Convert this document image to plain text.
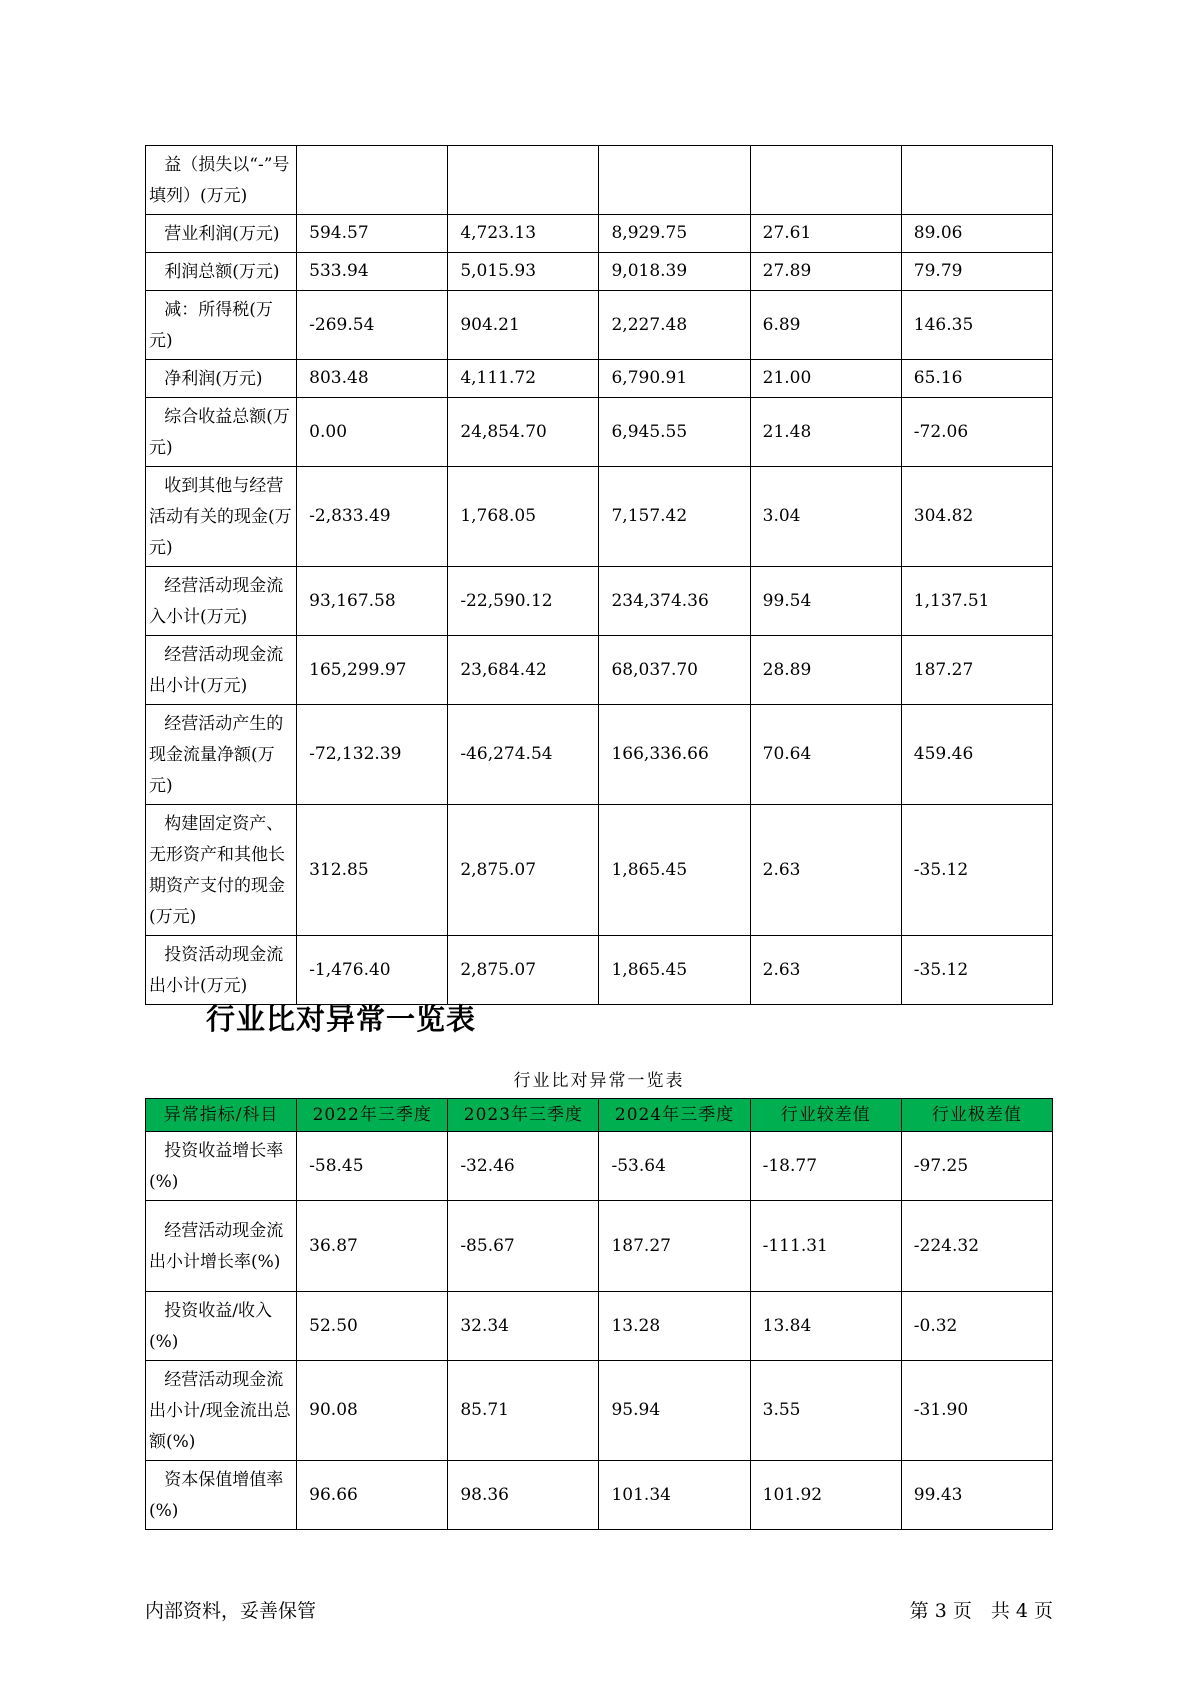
益（损失以“-”号填列）(万元)					
营业利润(万元)	594.57	4,723.13	8,929.75	27.61	89.06
利润总额(万元)	533.94	5,015.93	9,018.39	27.89	79.79
减：所得税(万元)	-269.54	904.21	2,227.48	6.89	146.35
净利润(万元)	803.48	4,111.72	6,790.91	21.00	65.16
综合收益总额(万元)	0.00	24,854.70	6,945.55	21.48	-72.06
收到其他与经营活动有关的现金(万元)	-2,833.49	1,768.05	7,157.42	3.04	304.82
经营活动现金流入小计(万元)	93,167.58	-22,590.12	234,374.36	99.54	1,137.51
经营活动现金流出小计(万元)	165,299.97	23,684.42	68,037.70	28.89	187.27
经营活动产生的现金流量净额(万元)	-72,132.39	-46,274.54	166,336.66	70.64	459.46
构建固定资产、无形资产和其他长期资产支付的现金(万元)	312.85	2,875.07	1,865.45	2.63	-35.12
投资活动现金流出小计(万元)	-1,476.40	2,875.07	1,865.45	2.63	-35.12
行业比对异常一览表
行业比对异常一览表
异常指标/科目	2022年三季度	2023年三季度	2024年三季度	行业较差值	行业极差值
投资收益增长率(%)	-58.45	-32.46	-53.64	-18.77	-97.25
经营活动现金流出小计增长率(%)	36.87	-85.67	187.27	-111.31	-224.32
投资收益/收入(%)	52.50	32.34	13.28	13.84	-0.32
经营活动现金流出小计/现金流出总额(%)	90.08	85.71	95.94	3.55	-31.90
资本保值增值率(%)	96.66	98.36	101.34	101.92	99.43
内部资料，妥善保管	第 3 页　共 4 页
